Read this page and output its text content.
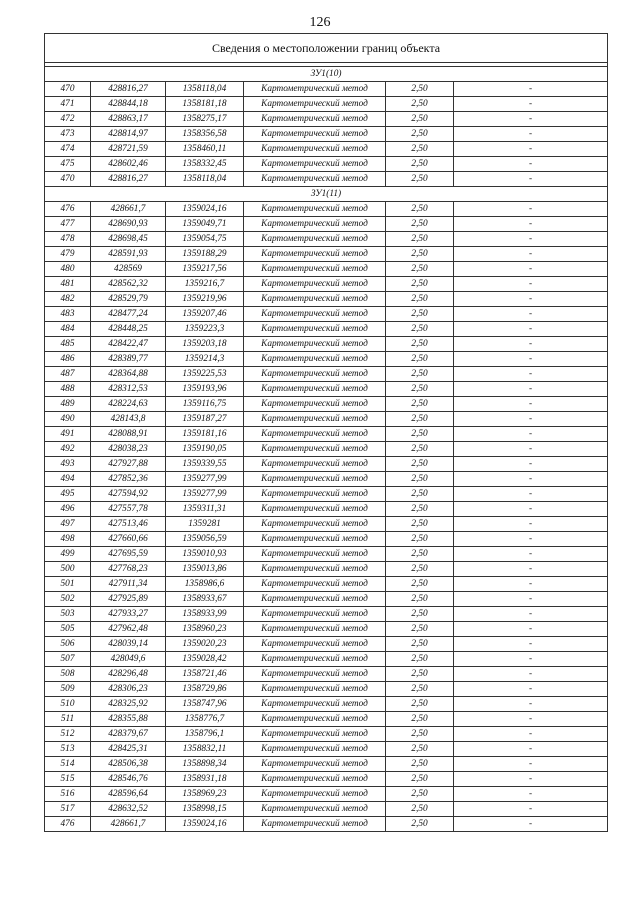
126
Сведения о местоположении границ объекта					

ЗУ1(10)					
470	428816,27	1358118,04	Картометрический метод	2,50	-
471	428844,18	1358181,18	Картометрический метод	2,50	-
472	428863,17	1358275,17	Картометрический метод	2,50	-
473	428814,97	1358356,58	Картометрический метод	2,50	-
474	428721,59	1358460,11	Картометрический метод	2,50	-
475	428602,46	1358332,45	Картометрический метод	2,50	-
470	428816,27	1358118,04	Картометрический метод	2,50	-
ЗУ1(11)					
476	428661,7	1359024,16	Картометрический метод	2,50	-
477	428690,93	1359049,71	Картометрический метод	2,50	-
478	428698,45	1359054,75	Картометрический метод	2,50	-
479	428591,93	1359188,29	Картометрический метод	2,50	-
480	428569	1359217,56	Картометрический метод	2,50	-
481	428562,32	1359216,7	Картометрический метод	2,50	-
482	428529,79	1359219,96	Картометрический метод	2,50	-
483	428477,24	1359207,46	Картометрический метод	2,50	-
484	428448,25	1359223,3	Картометрический метод	2,50	-
485	428422,47	1359203,18	Картометрический метод	2,50	-
486	428389,77	1359214,3	Картометрический метод	2,50	-
487	428364,88	1359225,53	Картометрический метод	2,50	-
488	428312,53	1359193,96	Картометрический метод	2,50	-
489	428224,63	1359116,75	Картометрический метод	2,50	-
490	428143,8	1359187,27	Картометрический метод	2,50	-
491	428088,91	1359181,16	Картометрический метод	2,50	-
492	428038,23	1359190,05	Картометрический метод	2,50	-
493	427927,88	1359339,55	Картометрический метод	2,50	-
494	427852,36	1359277,99	Картометрический метод	2,50	-
495	427594,92	1359277,99	Картометрический метод	2,50	-
496	427557,78	1359311,31	Картометрический метод	2,50	-
497	427513,46	1359281	Картометрический метод	2,50	-
498	427660,66	1359056,59	Картометрический метод	2,50	-
499	427695,59	1359010,93	Картометрический метод	2,50	-
500	427768,23	1359013,86	Картометрический метод	2,50	-
501	427911,34	1358986,6	Картометрический метод	2,50	-
502	427925,89	1358933,67	Картометрический метод	2,50	-
503	427933,27	1358933,99	Картометрический метод	2,50	-
505	427962,48	1358960,23	Картометрический метод	2,50	-
506	428039,14	1359020,23	Картометрический метод	2,50	-
507	428049,6	1359028,42	Картометрический метод	2,50	-
508	428296,48	1358721,46	Картометрический метод	2,50	-
509	428306,23	1358729,86	Картометрический метод	2,50	-
510	428325,92	1358747,96	Картометрический метод	2,50	-
511	428355,88	1358776,7	Картометрический метод	2,50	-
512	428379,67	1358796,1	Картометрический метод	2,50	-
513	428425,31	1358832,11	Картометрический метод	2,50	-
514	428506,38	1358898,34	Картометрический метод	2,50	-
515	428546,76	1358931,18	Картометрический метод	2,50	-
516	428596,64	1358969,23	Картометрический метод	2,50	-
517	428632,52	1358998,15	Картометрический метод	2,50	-
476	428661,7	1359024,16	Картометрический метод	2,50	-
